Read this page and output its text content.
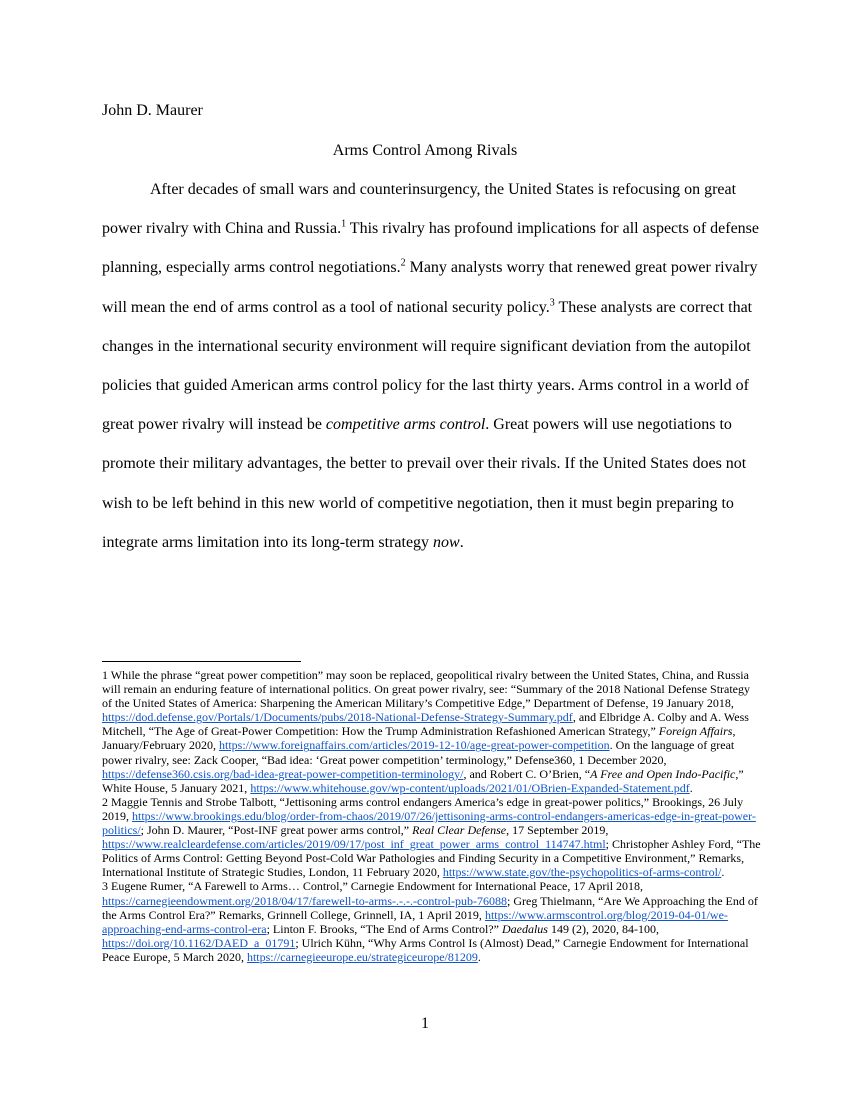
John D. Maurer
Arms Control Among Rivals

After decades of small wars and counterinsurgency, the United States is refocusing on great power rivalry with China and Russia.$^1$ This rivalry has profound implications for all aspects of defense planning, especially arms control negotiations.$^2$ Many analysts worry that renewed great power rivalry will mean the end of arms control as a tool of national security policy.$^3$ These analysts are correct that changes in the international security environment will require significant deviation from the autopilot policies that guided American arms control policy for the last thirty years. Arms control in a world of great power rivalry will instead be competitive arms control. Great powers will use negotiations to promote their military advantages, the better to prevail over their rivals. If the United States does not wish to be left behind in this new world of competitive negotiation, then it must begin preparing to integrate arms limitation into its long-term strategy now.

1 While the phrase “great power competition” may soon be replaced, geopolitical rivalry between the United States, China, and Russia will remain an enduring feature of international politics. On great power rivalry, see: “Summary of the 2018 National Defense Strategy of the United States of America: Sharpening the American Military’s Competitive Edge,” Department of Defense, 19 January 2018, https://dod.defense.gov/Portals/1/Documents/pubs/2018-National-Defense-Strategy-Summary.pdf, and Elbridge A. Colby and A. Wess Mitchell, “The Age of Great-Power Competition: How the Trump Administration Refashioned American Strategy,” Foreign Affairs, January/February 2020, https://www.foreignaffairs.com/articles/2019-12-10/age-great-power-competition. On the language of great power rivalry, see: Zack Cooper, “Bad idea: ‘Great power competition’ terminology,” Defense360, 1 December 2020, https://defense360.csis.org/bad-idea-great-power-competition-terminology/, and Robert C. O’Brien, “A Free and Open Indo-Pacific,” White House, 5 January 2021, https://www.whitehouse.gov/wp-content/uploads/2021/01/OBrien-Expanded-Statement.pdf.

2 Maggie Tennis and Strobe Talbott, “Jettisoning arms control endangers America’s edge in great-power politics,” Brookings, 26 July 2019, https://www.brookings.edu/blog/order-from-chaos/2019/07/26/jettisoning-arms-control-endangers-americas-edge-in-great-power-politics/; John D. Maurer, “Post-INF great power arms control,” Real Clear Defense, 17 September 2019, https://www.realcleardefense.com/articles/2019/09/17/post_inf_great_power_arms_control_114747.html; Christopher Ashley Ford, “The Politics of Arms Control: Getting Beyond Post-Cold War Pathologies and Finding Security in a Competitive Environment,” Remarks, International Institute of Strategic Studies, London, 11 February 2020, https://www.state.gov/the-psychopolitics-of-arms-control/.

3 Eugene Rumer, “A Farewell to Arms… Control,” Carnegie Endowment for International Peace, 17 April 2018, https://carnegieendowment.org/2018/04/17/farewell-to-arms-.-.-.-control-pub-76088; Greg Thielmann, “Are We Approaching the End of the Arms Control Era?” Remarks, Grinnell College, Grinnell, IA, 1 April 2019, https://www.armscontrol.org/blog/2019-04-01/we-approaching-end-arms-control-era; Linton F. Brooks, “The End of Arms Control?” Daedalus 149 (2), 2020, 84-100, https://doi.org/10.1162/DAED_a_01791; Ulrich Kühn, “Why Arms Control Is (Almost) Dead,” Carnegie Endowment for International Peace Europe, 5 March 2020, https://carnegieeurope.eu/strategiceurope/81209.

1
